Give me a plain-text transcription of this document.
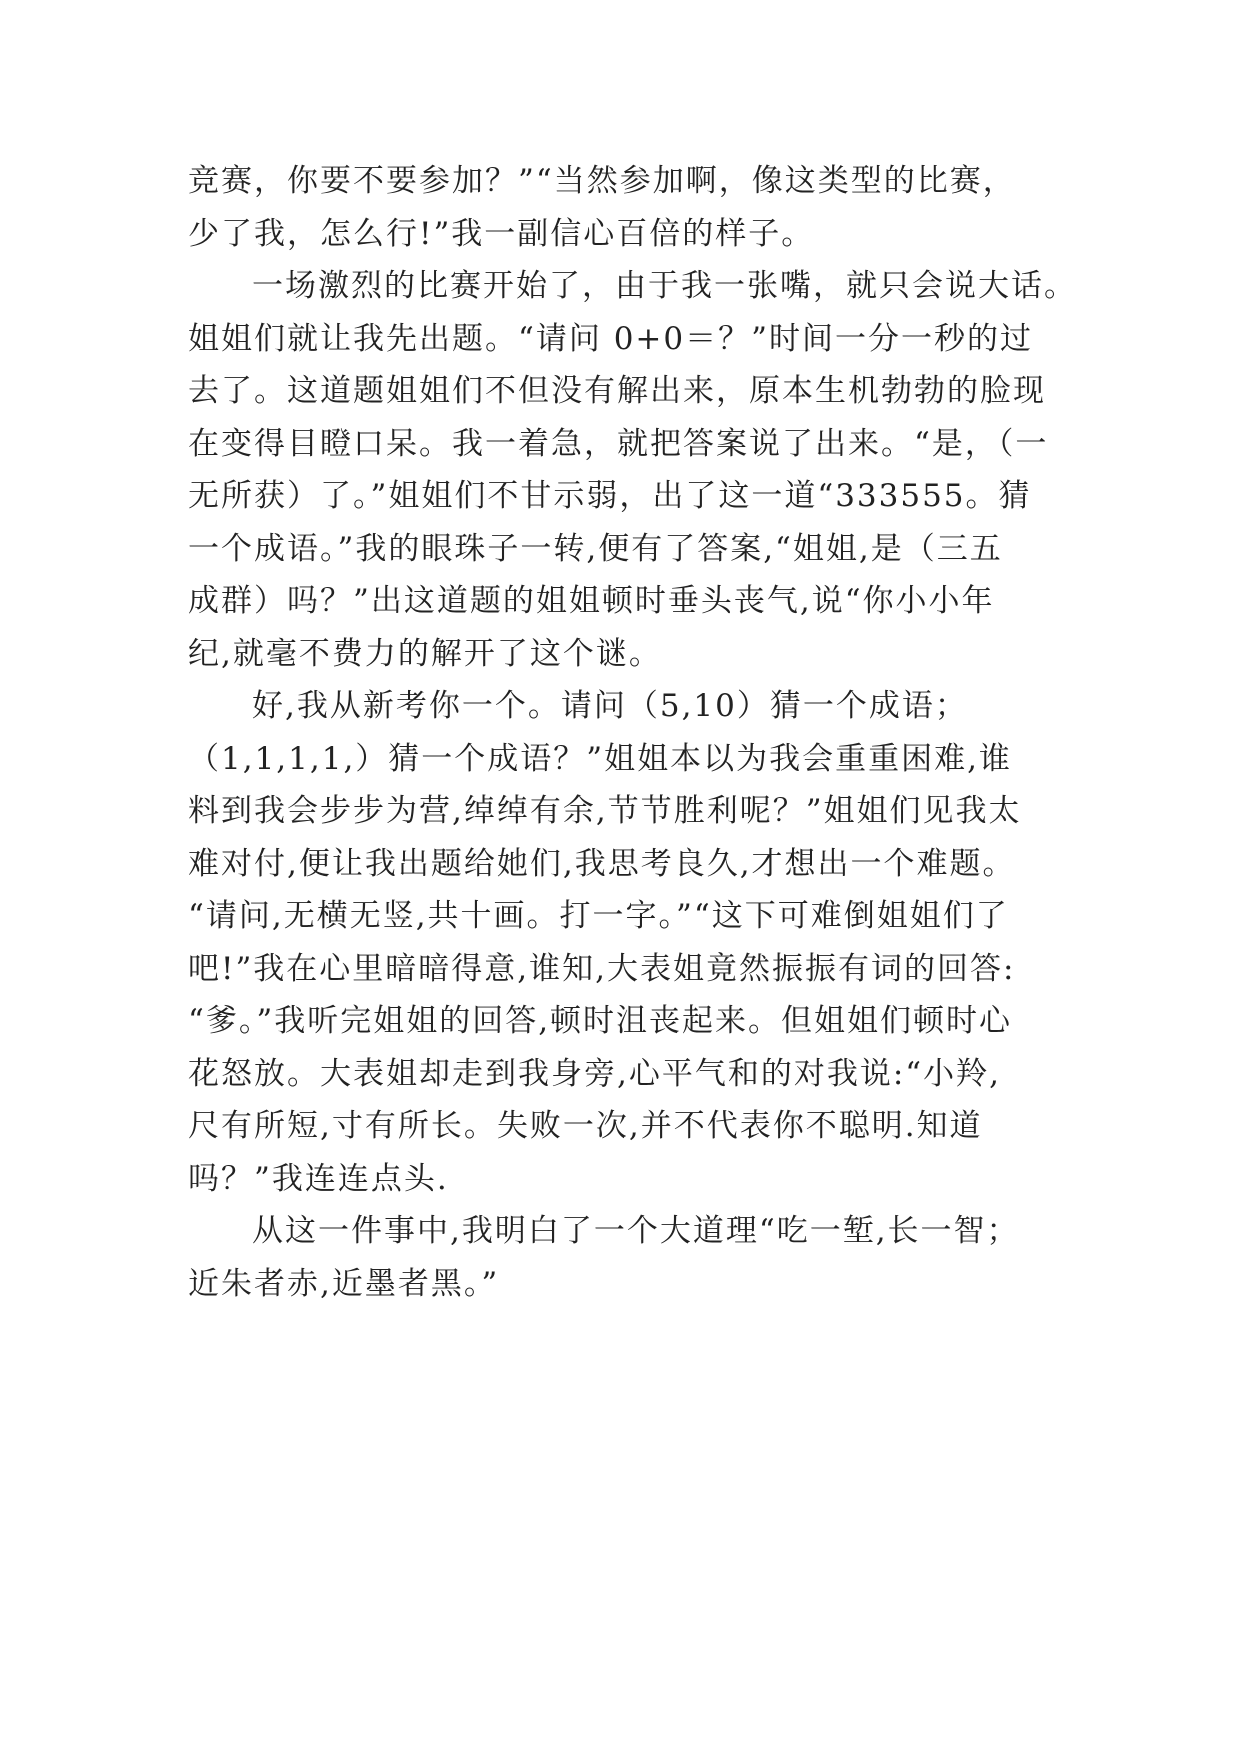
竞赛，你要不要参加？”“当然参加啊，像这类型的比赛，
少了我，怎么行!”我一副信心百倍的样子。
一场激烈的比赛开始了，由于我一张嘴，就只会说大话。
姐姐们就让我先出题。“请问 0+0＝？”时间一分一秒的过
去了。这道题姐姐们不但没有解出来，原本生机勃勃的脸现
在变得目瞪口呆。我一着急，就把答案说了出来。“是，（一
无所获）了。”姐姐们不甘示弱，出了这一道“333555。猜
一个成语。”我的眼珠子一转,便有了答案,“姐姐,是（三五
成群）吗？”出这道题的姐姐顿时垂头丧气,说“你小小年
纪,就毫不费力的解开了这个谜。
好,我从新考你一个。请问（5,10）猜一个成语；
（1,1,1,1,）猜一个成语？”姐姐本以为我会重重困难,谁
料到我会步步为营,绰绰有余,节节胜利呢？”姐姐们见我太
难对付,便让我出题给她们,我思考良久,才想出一个难题。
“请问,无横无竖,共十画。打一字。”“这下可难倒姐姐们了
吧!”我在心里暗暗得意,谁知,大表姐竟然振振有词的回答:
“爹。”我听完姐姐的回答,顿时沮丧起来。但姐姐们顿时心
花怒放。大表姐却走到我身旁,心平气和的对我说:“小羚,
尺有所短,寸有所长。失败一次,并不代表你不聪明.知道
吗？”我连连点头.
从这一件事中,我明白了一个大道理“吃一堑,长一智；
近朱者赤,近墨者黑。”
